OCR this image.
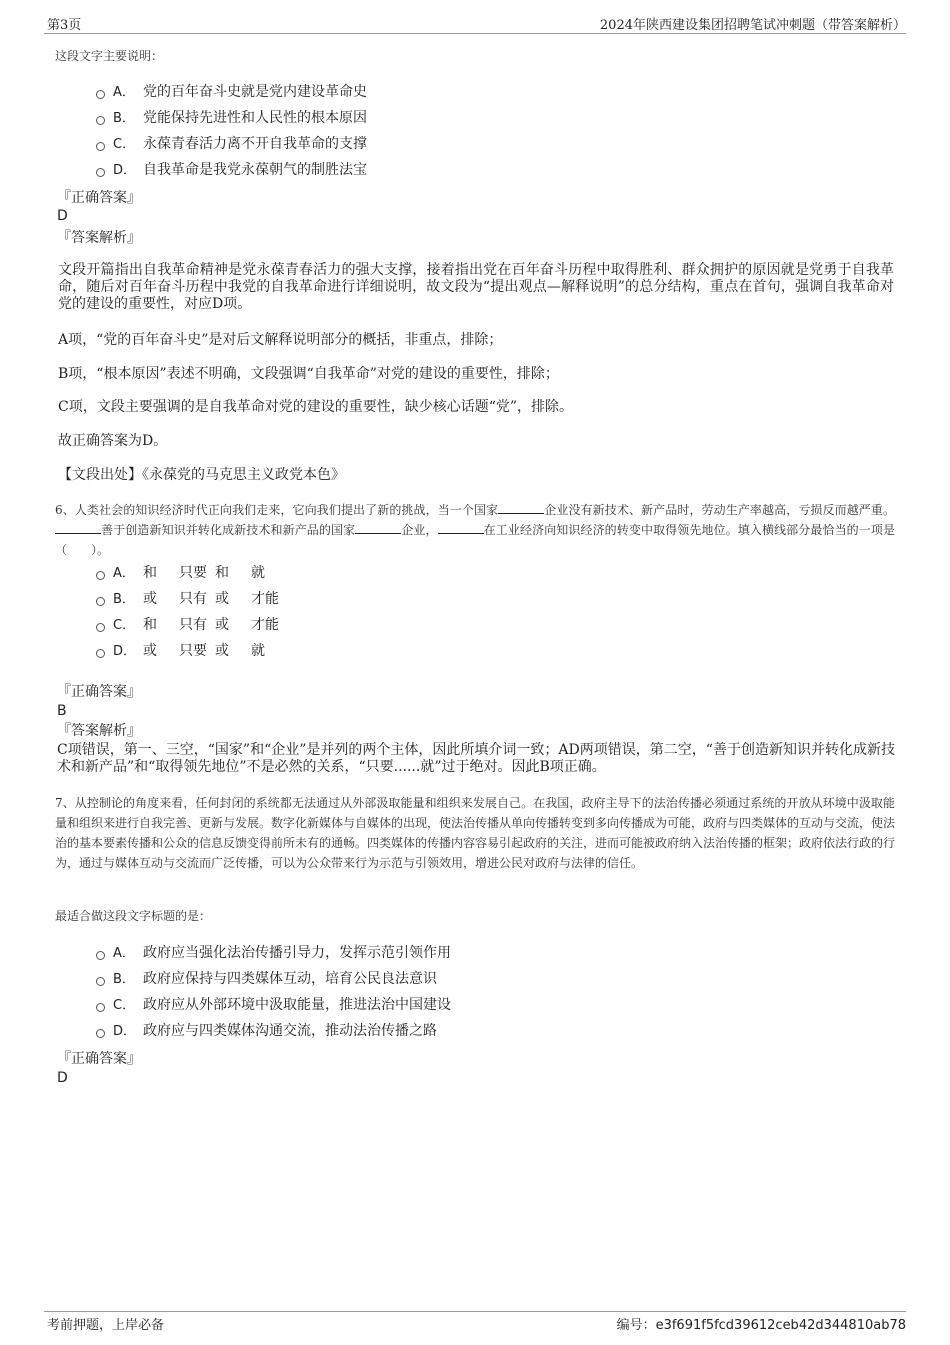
第3页	2024年陕西建设集团招聘笔试冲刺题（带答案解析）
这段文字主要说明：
A． 党的百年奋斗史就是党内建设革命史
B． 党能保持先进性和人民性的根本原因
C． 永葆青春活力离不开自我革命的支撑
D． 自我革命是我党永葆朝气的制胜法宝
『正确答案』
D
『答案解析』
文段开篇指出自我革命精神是党永葆青春活力的强大支撑，接着指出党在百年奋斗历程中取得胜利、群众拥护的原因就是党勇于自我革命，随后对百年奋斗历程中我党的自我革命进行详细说明，故文段为“提出观点—解释说明”的总分结构，重点在首句，强调自我革命对党的建设的重要性，对应D项。
A项，“党的百年奋斗史”是对后文解释说明部分的概括，非重点，排除；
B项，“根本原因”表述不明确，文段强调“自我革命”对党的建设的重要性，排除；
C项，文段主要强调的是自我革命对党的建设的重要性，缺少核心话题“党”，排除。
故正确答案为D。
【文段出处】《永葆党的马克思主义政党本色》
6、人类社会的知识经济时代正向我们走来，它向我们提出了新的挑战，当一个国家	企业没有新技术、新产品时，劳动生产率越高，亏损反而越严重。善于创造新知识并转化成新技术和新产品的国家	企业，	在工业经济向知识经济的转变中取得领先地位。填入横线部分最恰当的一项是（　　）。
A． 和 只要 和 就
B． 或 只有 或 才能
C． 和 只有 或 才能
D． 或 只要 或 就
『正确答案』
B
『答案解析』
C项错误，第一、三空，“国家”和“企业”是并列的两个主体，因此所填介词一致；AD两项错误，第二空，“善于创造新知识并转化成新技术和新产品”和“取得领先地位”不是必然的关系，“只要......就”过于绝对。因此B项正确。
7、从控制论的角度来看，任何封闭的系统都无法通过从外部汲取能量和组织来发展自己。在我国，政府主导下的法治传播必须通过系统的开放从环境中汲取能量和组织来进行自我完善、更新与发展。数字化新媒体与自媒体的出现，使法治传播从单向传播转变到多向传播成为可能，政府与四类媒体的互动与交流，使法治的基本要素传播和公众的信息反馈变得前所未有的通畅。四类媒体的传播内容容易引起政府的关注，进而可能被政府纳入法治传播的框架；政府依法行政的行为，通过与媒体互动与交流而广泛传播，可以为公众带来行为示范与引领效用，增进公民对政府与法律的信任。
最适合做这段文字标题的是：
A． 政府应当强化法治传播引导力，发挥示范引领作用
B． 政府应保持与四类媒体互动，培育公民良法意识
C． 政府应从外部环境中汲取能量，推进法治中国建设
D． 政府应与四类媒体沟通交流，推动法治传播之路
『正确答案』
D
考前押题，上岸必备	编号：e3f691f5fcd39612ceb42d344810ab78
